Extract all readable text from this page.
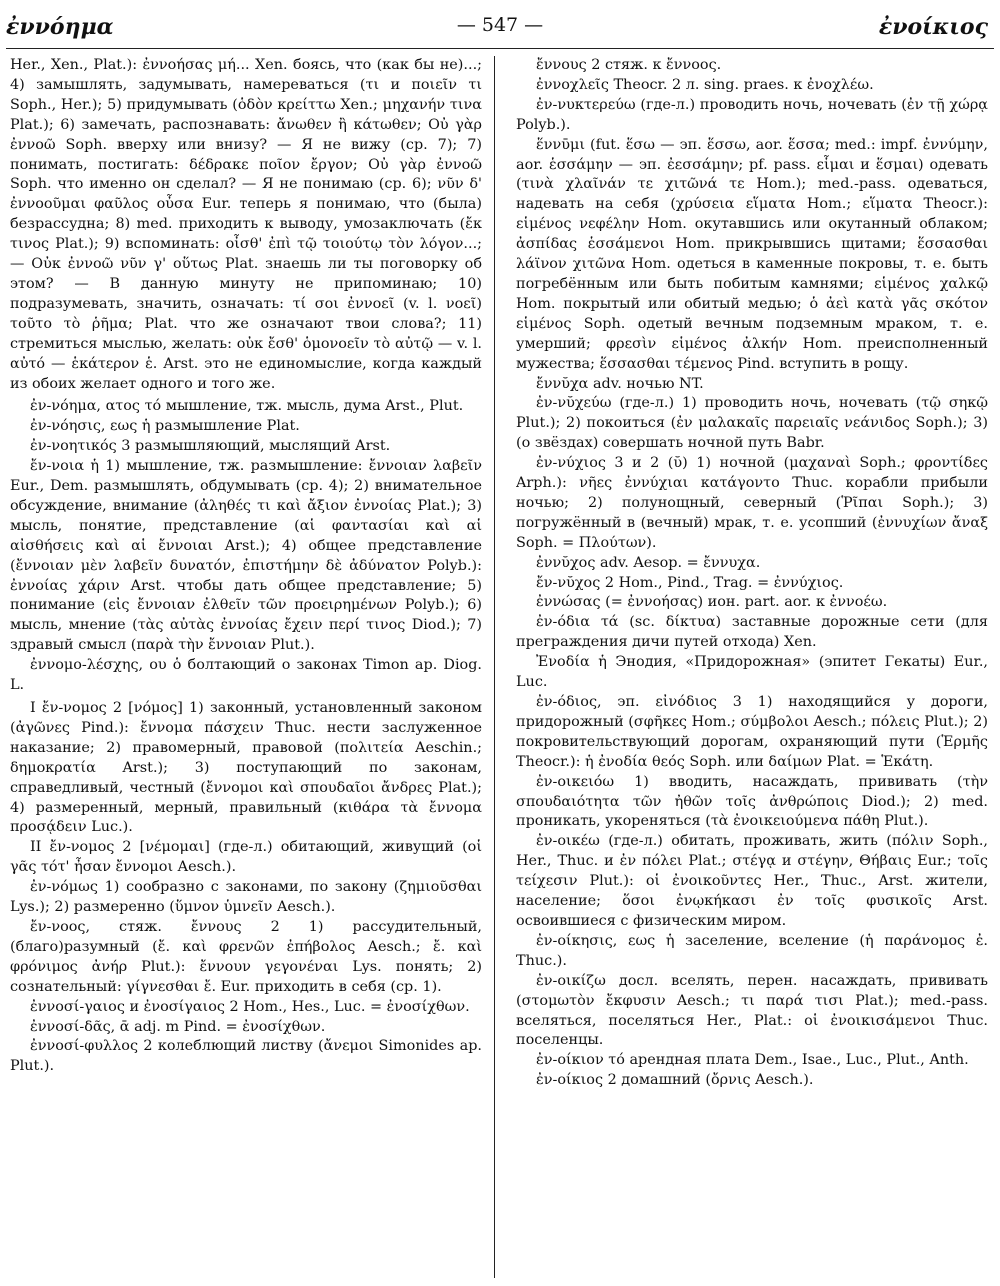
ἐννόημα	— 547 —	ἐνοίκιος

Her., Xen., Plat.): ἐννοήσας μή... Xen. боясь, что (как бы не)...; 4) замышлять, задумывать, намереваться (τι и ποιεῖν τι Soph., Her.); 5) придумывать (ὁδὸν κρείττω Xen.; μηχανήν τινα Plat.); 6) замечать, распознавать: ἄνωθεν ἢ κάτωθεν; Οὐ γὰρ ἐννοῶ Soph. вверху или внизу? — Я не вижу (ср. 7); 7) понимать, постигать: δέδρακε ποῖον ἔργον; Οὐ γὰρ ἐννοῶ Soph. что именно он сделал? — Я не понимаю (ср. 6); νῦν δ' ἐννοοῦμαι φαῦλος οὖσα Eur. теперь я понимаю, что (была) безрассудна; 8) med. приходить к выводу, умозаключать (ἔκ τινος Plat.); 9) вспоминать: οἶσθ' ἐπὶ τῷ τοιούτῳ τὸν λόγον...; — Οὐκ ἐννοῶ νῦν γ' οὕτως Plat. знаешь ли ты поговорку об этом? — В данную минуту не припоминаю; 10) подразумевать, значить, означать: τί σοι ἐννοεῖ (v. l. νοεῖ) τοῦτο τὸ ῥῆμα; Plat. что же означают твои слова?; 11) стремиться мыслью, желать: οὐκ ἔσθ' ὁμονοεῖν τὸ αὐτῷ — v. l. αὐτό — ἑκάτερον ἑ. Arst. это не единомыслие, когда каждый из обоих желает одного и того же.

ἐν-νόημα, ατος τό мышление, тж. мысль, дума Arst., Plut.

ἐν-νόησις, εως ἡ размышление Plat.

ἐν-νοητικός 3 размышляющий, мыслящий Arst.

ἔν-νοια ἡ 1) мышление, тж. размышление: ἔννοιαν λαβεῖν Eur., Dem. размышлять, обдумывать (ср. 4); 2) внимательное обсуждение, внимание (ἀληθές τι καὶ ἄξιον ἐννοίας Plat.); 3) мысль, понятие, представление (αἱ φαντασίαι καὶ αἱ αἰσθήσεις καὶ αἱ ἔννοιαι Arst.); 4) общее представление (ἔννοιαν μὲν λαβεῖν δυνατόν, ἐπιστήμην δὲ ἀδύνατον Polyb.): ἐννοίας χάριν Arst. чтобы дать общее представление; 5) понимание (εἰς ἔννοιαν ἐλθεῖν τῶν προειρημένων Polyb.); 6) мысль, мнение (τὰς αὐτὰς ἐννοίας ἔχειν περί τινος Diod.); 7) здравый смысл (παρὰ τὴν ἔννοιαν Plut.).

ἐννομο-λέσχης, ου ὁ болтающий о законах Timon ap. Diog. L.

I ἔν-νομος 2 [νόμος] 1) законный, установленный законом (ἀγῶνες Pind.): ἔννομα πάσχειν Thuc. нести заслуженное наказание; 2) правомерный, правовой (πολιτεία Aeschin.; δημοκρατία Arst.); 3) поступающий по законам, справедливый, честный (ἔννομοι καὶ σπουδαῖοι ἄνδρες Plat.); 4) размеренный, мерный, правильный (κιθάρα τὰ ἔννομα προσᾴδειν Luc.).

II ἔν-νομος 2 [νέμομαι] (где-л.) обитающий, живущий (οἱ γᾶς τότ' ἦσαν ἔννομοι Aesch.).

ἐν-νόμως 1) сообразно с законами, по закону (ζημιοῦσθαι Lys.); 2) размеренно (ὕμνον ὑμνεῖν Aesch.).

ἔν-νοος, стяж. ἔννους 2 1) рассудительный, (благо)разумный (ἔ. καὶ φρενῶν ἐπήβολος Aesch.; ἔ. καὶ φρόνιμος ἀνήρ Plut.): ἔννουν γεγονέναι Lys. понять; 2) сознательный: γίγνεσθαι ἔ. Eur. приходить в себя (ср. 1).

ἐννοσί-γαιος и ἐνοσίγαιος 2 Hom., Hes., Luc. = ἐνοσίχθων.

ἐννοσί-δᾶς, ᾱ adj. m Pind. = ἐνοσίχθων.

ἐννοσί-φυλλος 2 колеблющий листву (ἄνεμοι Simonides ap. Plut.).

ἔννους 2 стяж. к ἔννοος.

ἐννοχλεῖς Theocr. 2 л. sing. praes. к ἐνοχλέω.

ἐν-νυκτερεύω (где-л.) проводить ночь, ночевать (ἐν τῇ χώρᾳ Polyb.).

ἕννῡμι (fut. ἕσω — эп. ἕσσω, aor. ἕσσα; med.: impf. ἐννύμην, aor. ἑσσάμην — эп. ἐεσσάμην; pf. pass. εἷμαι и ἕσμαι) одевать (τινὰ χλαῖνάν τε χιτῶνά τε Hom.); med.-pass. одеваться, надевать на себя (χρύσεια εἵματα Hom.; εἵματα Theocr.): εἱμένος νεφέλην Hom. окутавшись или окутанный облаком; ἀσπίδας ἑσσάμενοι Hom. прикрывшись щитами; ἕσσασθαι λάϊνον χιτῶνα Hom. одеться в каменные покровы, т. е. быть погребённым или быть побитым камнями; εἱμένος χαλκῷ Hom. покрытый или обитый медью; ὁ ἀεὶ κατὰ γᾶς σκότον εἱμένος Soph. одетый вечным подземным мраком, т. е. умерший; φρεσὶν εἱμένος ἀλκήν Hom. преисполненный мужества; ἕσσασθαι τέμενος Pind. вступить в рощу.

ἔννῠχα adv. ночью NT.

ἐν-νῠχεύω (где-л.) 1) проводить ночь, ночевать (τῷ σηκῷ Plut.); 2) покоиться (ἐν μαλακαῖς παρειαῖς νεάνιδος Soph.); 3) (о звёздах) совершать ночной путь Babr.

ἐν-νύχιος 3 и 2 (ῠ) 1) ночной (μαχαναὶ Soph.; φροντίδες Arph.): νῆες ἐννύχιαι κατάγοντο Thuc. корабли прибыли ночью; 2) полунощный, северный (Ῥῖπαι Soph.); 3) погружённый в (вечный) мрак, т. е. усопший (ἐννυχίων ἄναξ Soph. = Πλούτων).

ἐννῠχος adv. Aesop. = ἔννυχα.

ἔν-νῠχος 2 Hom., Pind., Trag. = ἐννύχιος.

ἐννώσας (= ἐννοήσας) ион. part. aor. к ἐννοέω.

ἐν-όδια τά (sc. δίκτυα) заставные дорожные сети (для преграждения дичи путей отхода) Xen.

Ἐνοδία ἡ Энодия, «Придорожная» (эпитет Гекаты) Eur., Luc.

ἐν-όδιος, эп. εἰνόδιος 3 1) находящийся у дороги, придорожный (σφῆκες Hom.; σύμβολοι Aesch.; πόλεις Plut.); 2) покровительствующий дорогам, охраняющий пути (Ἑρμῆς Theocr.): ἡ ἐνοδία θεός Soph. или δαίμων Plat. = Ἑκάτη.

ἐν-οικειόω 1) вводить, насаждать, прививать (τὴν σπουδαιότητα τῶν ἠθῶν τοῖς ἀνθρώποις Diod.); 2) med. проникать, укореняться (τὰ ἐνοικειούμενα πάθη Plut.).

ἐν-οικέω (где-л.) обитать, проживать, жить (πόλιν Soph., Her., Thuc. и ἐν πόλει Plat.; στέγᾳ и στέγην, Θήβαις Eur.; τοῖς τείχεσιν Plut.): οἱ ἐνοικοῦντες Her., Thuc., Arst. жители, население; ὅσοι ἐνῳκήκασι ἐν τοῖς φυσικοῖς Arst. освоившиеся с физическим миром.

ἐν-οίκησις, εως ἡ заселение, вселение (ἡ παράνομος ἐ. Thuc.).

ἐν-οικίζω досл. вселять, перен. насаждать, прививать (στομωτὸν ἔκφυσιν Aesch.; τι παρά τισι Plat.); med.-pass. вселяться, поселяться Her., Plat.: οἱ ἐνοικισάμενοι Thuc. поселенцы.

ἐν-οίκιον τό арендная плата Dem., Isae., Luc., Plut., Anth.

ἐν-οίκιος 2 домашний (ὄρνις Aesch.).
